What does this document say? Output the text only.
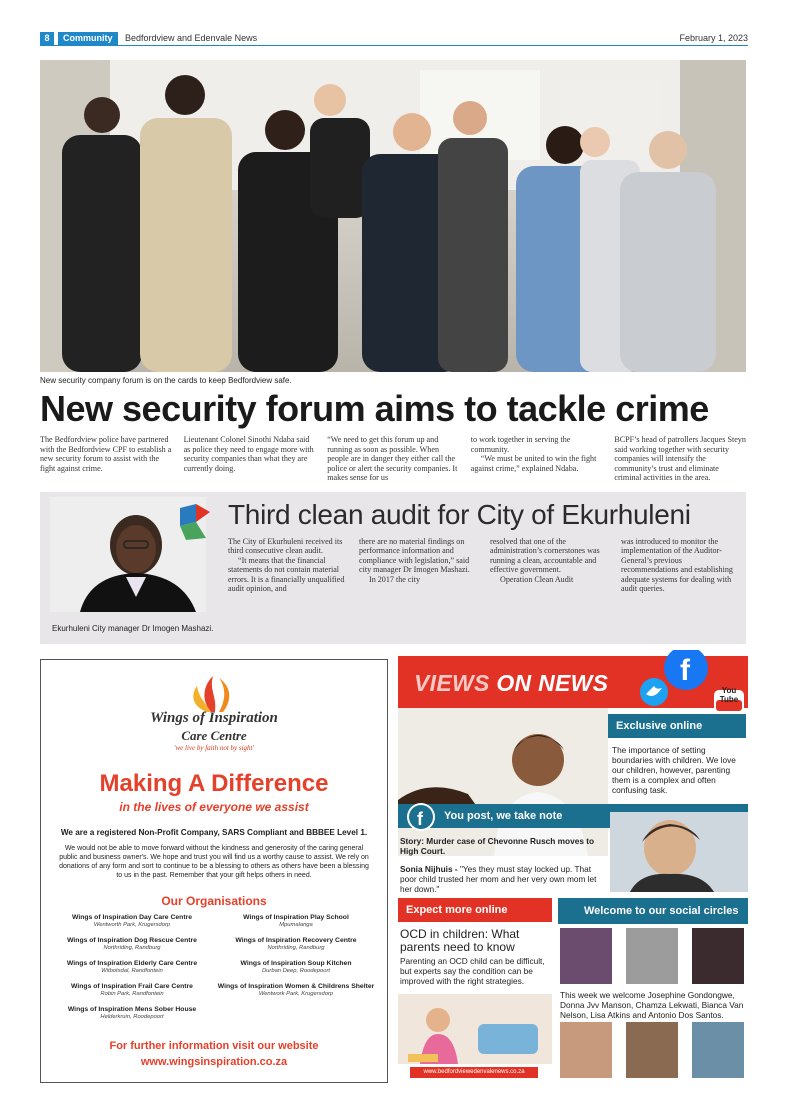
8	Community	Bedfordview and Edenvale News	February 1, 2023
New security company forum is on the cards to keep Bedfordview safe.
New security forum aims to tackle crime

The Bedfordview police have partnered with the Bedfordview CPF to establish a new security forum to assist with the fight against crime.

Lieutenant Colonel Sinothi Ndaba said as police they need to engage more with security companies than what they are currently doing.

“We need to get this forum up and running as soon as possible. When people are in danger they either call the police or alert the security companies. It makes sense for us

to work together in serving the community.

“We must be united to win the fight against crime,” explained Ndaba.

BCPF’s head of patrollers Jacques Steyn said working together with security companies will intensify the community’s trust and eliminate criminal activities in the area.

Third clean audit for City of Ekurhuleni

The City of Ekurhuleni received its third consecutive clean audit.

“It means that the financial statements do not contain material errors. It is a financially unqualified audit opinion, and

there are no material findings on performance information and compliance with legislation,” said city manager Dr Imogen Mashazi.

In 2017 the city

resolved that one of the administration’s cornerstones was running a clean, accountable and effective government.

Operation Clean Audit

was introduced to monitor the implementation of the Auditor-General’s previous recommendations and establishing adequate systems for dealing with audit queries.

Ekurhuleni City manager Dr Imogen Mashazi.
Wings of Inspiration
Care Centre
'we live by faith not by sight'
Making A Difference
in the lives of everyone we assist
We are a registered Non-Profit Company, SARS Compliant and BBBEE Level 1.
We would not be able to move forward without the kindness and generosity of the caring general public and business owner's. We hope and trust you will find us a worthy cause to assist. We rely on donations of any form and sort to continue to be a blessing to others as others have been a blessing to us in the past. Remember that your gift helps others in need.
Our Organisations
Wings of Inspiration Day Care Centre
Wentworth Park, Krugersdorp
Wings of Inspiration Play School
Mpumalanga
Wings of Inspiration Dog Rescue Centre
Northriding, Randburg
Wings of Inspiration Recovery Centre
Northriding, Randburg
Wings of Inspiration Elderly Care Centre
Witbotsdal, Randfontein
Wings of Inspiration Soup Kitchen
Durban Deep, Roodepoort
Wings of Inspiration Frail Care Centre
Robin Park, Randfontein
Wings of Inspiration Women & Childrens Shelter
Wentwork Park, Krugersdorp
Wings of Inspiration Mens Sober House
Helderkruin, Roodepoort
For further information visit our website
www.wingsinspiration.co.za
VIEWS ON NEWS f
You Tube
Exclusive online
The importance of setting boundaries with children. We love our children, however, parenting them is a complex and often confusing task.
You post, we take note
f
Story: Murder case of Chevonne Rusch moves to High Court.
Sonia Nijhuis - "Yes they must stay locked up. That poor child trusted her mom and her very own mom let her down."
Expect more online
OCD in children: What parents need to know
Parenting an OCD child can be difficult, but experts say the condition can be improved with the right strategies.
Welcome to our social circles
This week we welcome Josephine Gondongwe, Donna Jvv Manson, Chamza Lekwati, Bianca Van Nelson, Lisa Atkins and Antonio Dos Santos.
www.bedfordviewedenvalenews.co.za
